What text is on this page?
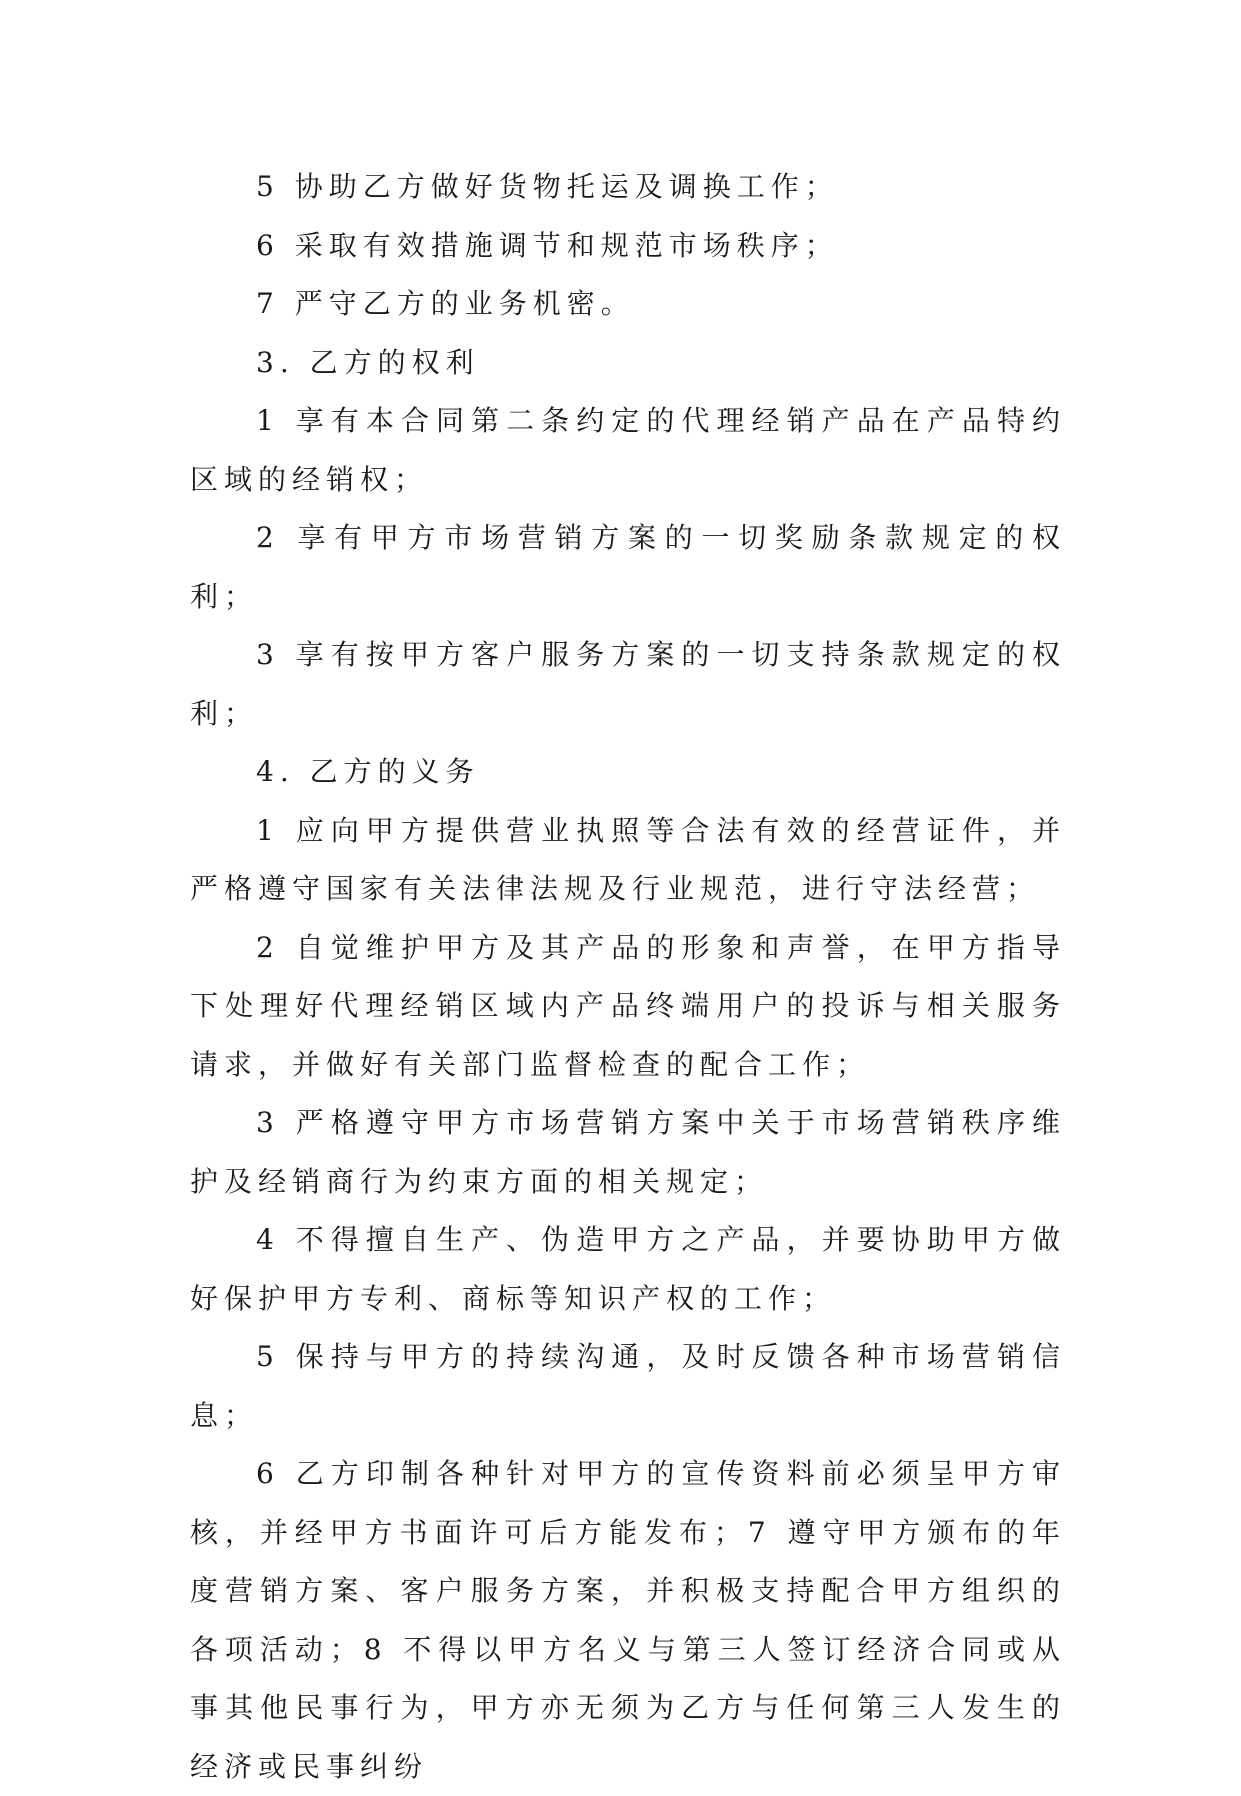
5 协助乙方做好货物托运及调换工作；

6 采取有效措施调节和规范市场秩序；

7 严守乙方的业务机密。

3. 乙方的权利

1 享有本合同第二条约定的代理经销产品在产品特约区域的经销权；

2 享有甲方市场营销方案的一切奖励条款规定的权利；

3 享有按甲方客户服务方案的一切支持条款规定的权利；

4. 乙方的义务

1 应向甲方提供营业执照等合法有效的经营证件，并严格遵守国家有关法律法规及行业规范，进行守法经营；

2 自觉维护甲方及其产品的形象和声誉，在甲方指导下处理好代理经销区域内产品终端用户的投诉与相关服务请求，并做好有关部门监督检查的配合工作；

3 严格遵守甲方市场营销方案中关于市场营销秩序维护及经销商行为约束方面的相关规定；

4 不得擅自生产、伪造甲方之产品，并要协助甲方做好保护甲方专利、商标等知识产权的工作；

5 保持与甲方的持续沟通，及时反馈各种市场营销信息；

6 乙方印制各种针对甲方的宣传资料前必须呈甲方审核，并经甲方书面许可后方能发布；7 遵守甲方颁布的年度营销方案、客户服务方案，并积极支持配合甲方组织的各项活动；8 不得以甲方名义与第三人签订经济合同或从事其他民事行为，甲方亦无须为乙方与任何第三人发生的经济或民事纠纷
